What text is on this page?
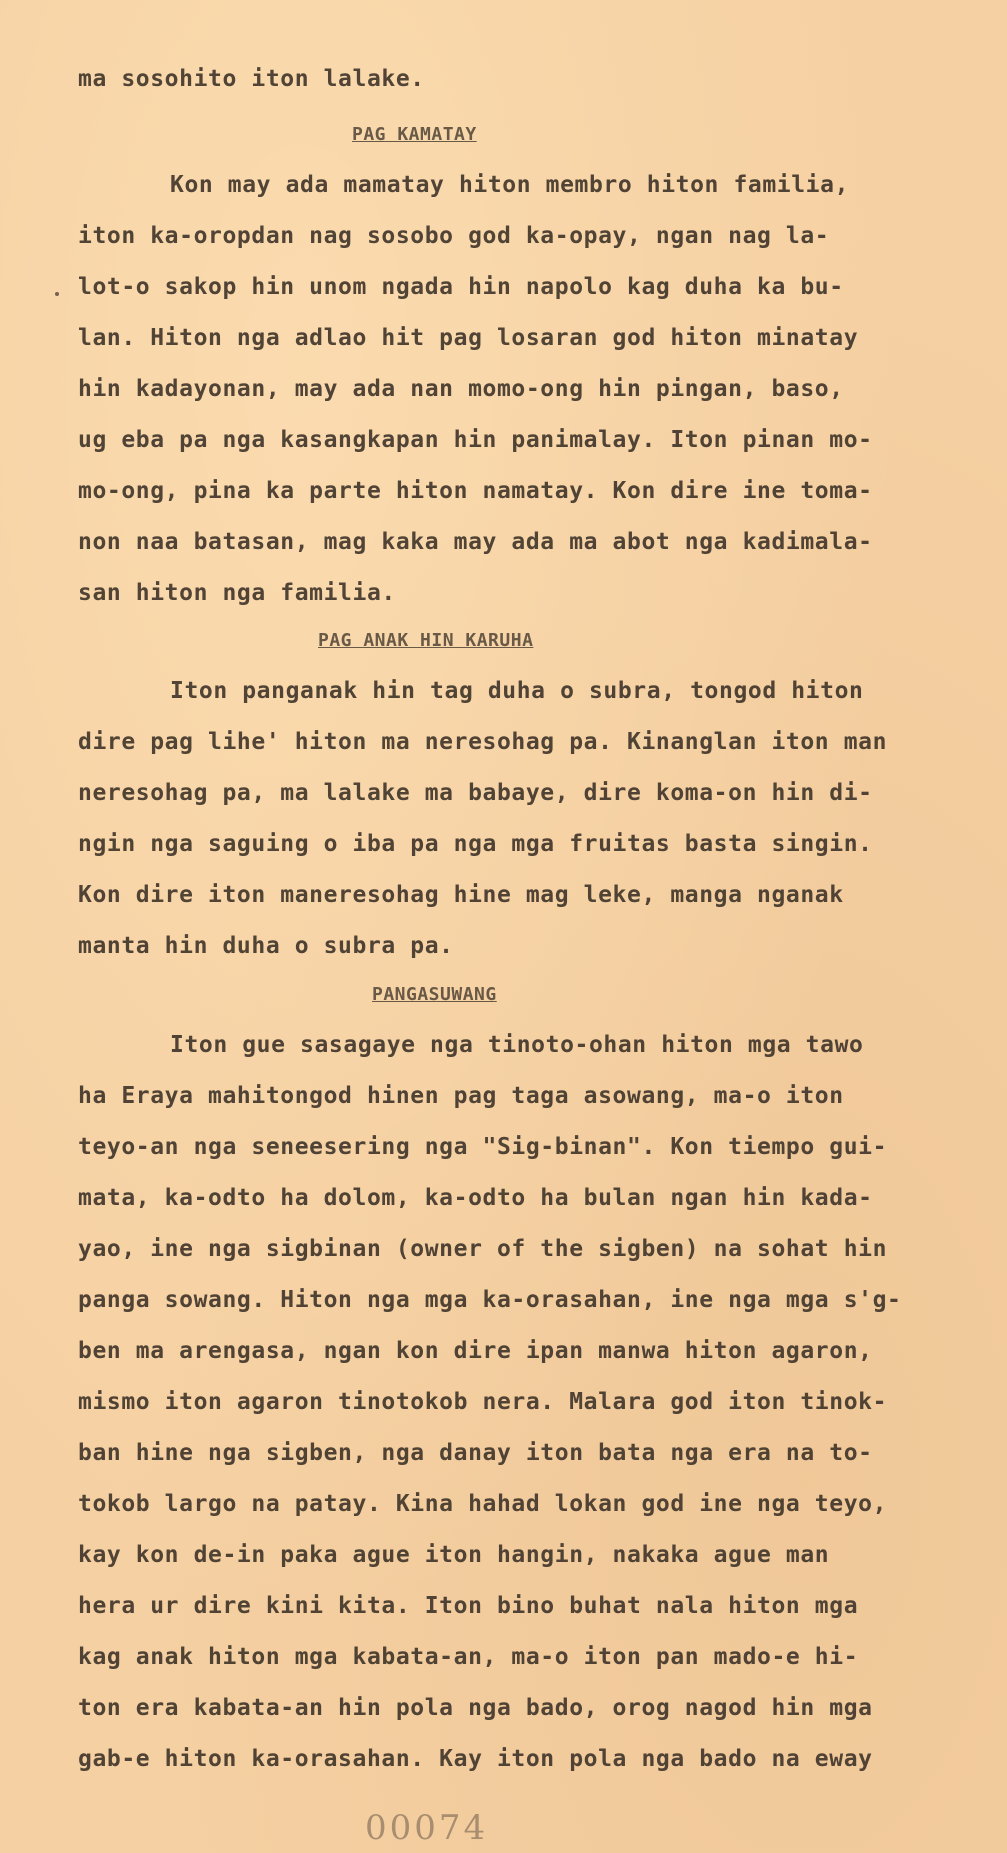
ma sosohito iton lalake.
PAG KAMATAY
Kon may ada mamatay hiton membro hiton familia,
iton ka-oropdan nag sosobo god ka-opay, ngan nag la-
lot-o sakop hin unom ngada hin napolo kag duha ka bu-
lan. Hiton nga adlao hit pag losaran god hiton minatay
hin kadayonan, may ada nan momo-ong hin pingan, baso,
ug eba pa nga kasangkapan hin panimalay. Iton pinan mo-
mo-ong, pina ka parte hiton namatay. Kon dire ine toma-
non naa batasan, mag kaka may ada ma abot nga kadimala-
san hiton nga familia.
PAG ANAK HIN KARUHA
Iton panganak hin tag duha o subra, tongod hiton
dire pag lihe' hiton ma neresohag pa. Kinanglan iton man
neresohag pa, ma lalake ma babaye, dire koma-on hin di-
ngin nga saguing o iba pa nga mga fruitas basta singin.
Kon dire iton maneresohag hine mag leke, manga nganak
manta hin duha o subra pa.
PANGASUWANG
Iton gue sasagaye nga tinoto-ohan hiton mga tawo
ha Eraya mahitongod hinen pag taga asowang, ma-o iton
teyo-an nga seneesering nga "Sig-binan". Kon tiempo gui-
mata, ka-odto ha dolom, ka-odto ha bulan ngan hin kada-
yao, ine nga sigbinan (owner of the sigben) na sohat hin
panga sowang. Hiton nga mga ka-orasahan, ine nga mga s'g-
ben ma arengasa, ngan kon dire ipan manwa hiton agaron,
mismo iton agaron tinotokob nera. Malara god iton tinok-
ban hine nga sigben, nga danay iton bata nga era na to-
tokob largo na patay. Kina hahad lokan god ine nga teyo,
kay kon de-in paka ague iton hangin, nakaka ague man
hera ur dire kini kita. Iton bino buhat nala hiton mga
kag anak hiton mga kabata-an, ma-o iton pan mado-e hi-
ton era kabata-an hin pola nga bado, orog nagod hin mga
gab-e hiton ka-orasahan. Kay iton pola nga bado na eway
00074
